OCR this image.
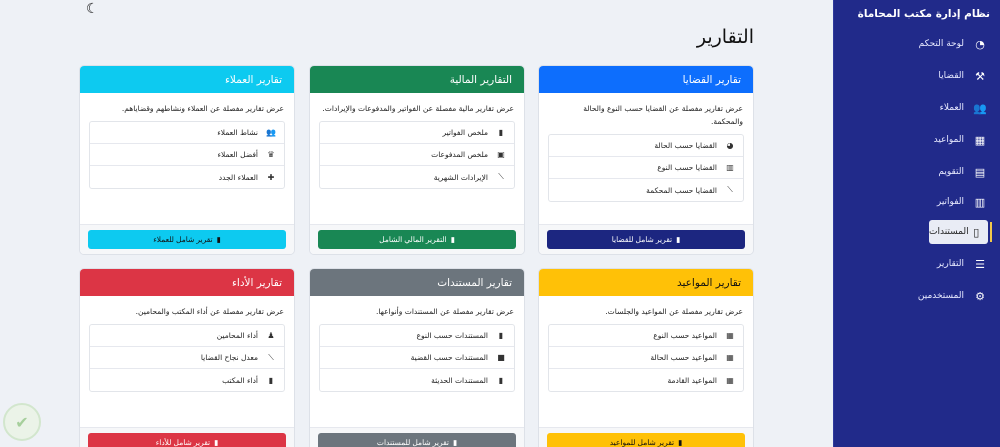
نظام إدارة مكتب المحاماة
◔
لوحة التحكم
⚒
القضايا
👥
العملاء
▦
المواعيد
▤
التقويم
▥
الفواتير
▯
المستندات
☰
التقارير
⚙
المستخدمين
☾
التقارير
تقارير القضايا
عرض تقارير مفصلة عن القضايا حسب النوع والحالة والمحكمة.
◕
القضايا حسب الحالة
▥
القضايا حسب النوع
⟋
القضايا حسب المحكمة
▮
تقرير شامل للقضايا
التقارير المالية
عرض تقارير مالية مفصلة عن الفواتير والمدفوعات والإيرادات.
▮
ملخص الفواتير
▣
ملخص المدفوعات
⟋
الإيرادات الشهرية
▮
التقرير المالي الشامل
تقارير العملاء
عرض تقارير مفصلة عن العملاء ونشاطهم وقضاياهم.
👥
نشاط العملاء
♛
أفضل العملاء
✚
العملاء الجدد
▮
تقرير شامل للعملاء
تقارير المواعيد
عرض تقارير مفصلة عن المواعيد والجلسات.
▦
المواعيد حسب النوع
▦
المواعيد حسب الحالة
▦
المواعيد القادمة
▮
تقرير شامل للمواعيد
تقارير المستندات
عرض تقارير مفصلة عن المستندات وأنواعها.
▮
المستندات حسب النوع
■
المستندات حسب القضية
▮
المستندات الحديثة
▮
تقرير شامل للمستندات
تقارير الأداء
عرض تقارير مفصلة عن أداء المكتب والمحامين.
♟
أداء المحامين
⟋
معدل نجاح القضايا
▮
أداء المكتب
▮
تقرير شامل للأداء
✔
